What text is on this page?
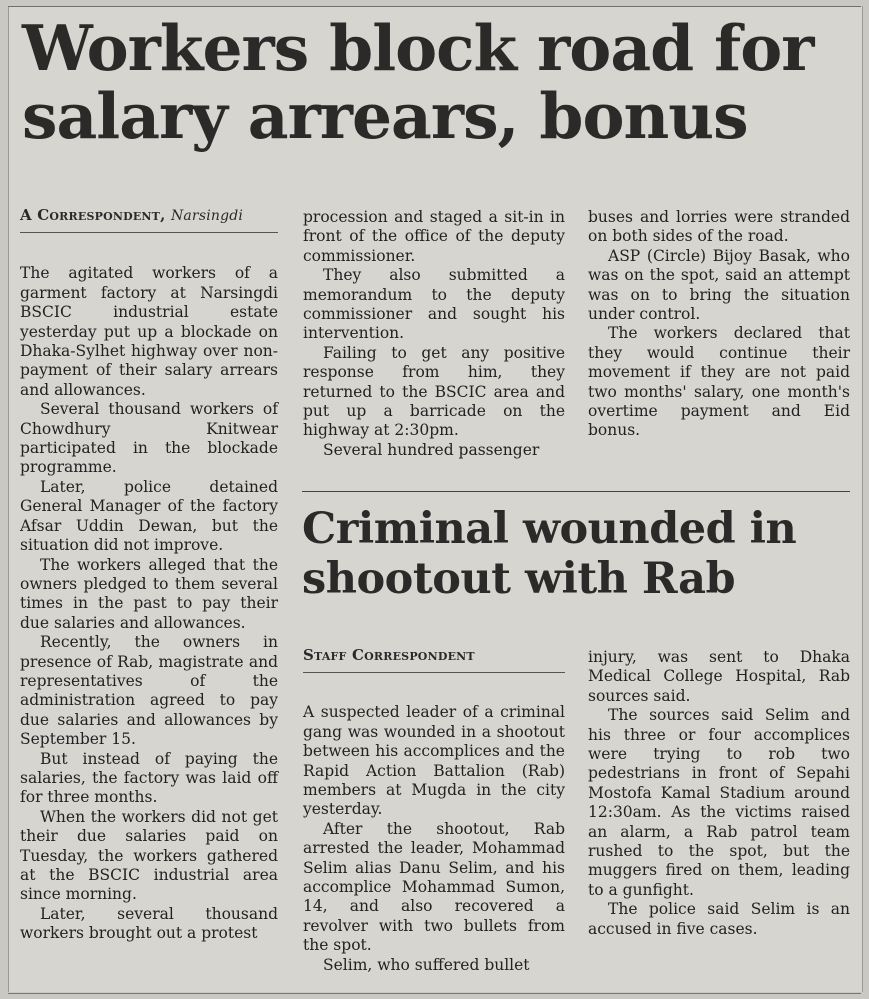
Workers block road for salary arrears, bonus
A Correspondent, Narsingdi

The agitated workers of a garment factory at Narsingdi BSCIC industrial estate yesterday put up a blockade on Dhaka-Sylhet highway over non-payment of their salary arrears and allowances.

Several thousand workers of Chowdhury Knitwear participated in the blockade programme.

Later, police detained General Manager of the factory Afsar Uddin Dewan, but the situation did not improve.

The workers alleged that the owners pledged to them several times in the past to pay their due salaries and allowances.

Recently, the owners in presence of Rab, magistrate and representatives of the administration agreed to pay due salaries and allowances by September 15.

But instead of paying the salaries, the factory was laid off for three months.

When the workers did not get their due salaries paid on Tuesday, the workers gathered at the BSCIC industrial area since morning.

Later, several thousand workers brought out a protest

procession and staged a sit-in in front of the office of the deputy commissioner.

They also submitted a memorandum to the deputy commissioner and sought his intervention.

Failing to get any positive response from him, they returned to the BSCIC area and put up a barricade on the highway at 2:30pm.

Several hundred passenger

buses and lorries were stranded on both sides of the road.

ASP (Circle) Bijoy Basak, who was on the spot, said an attempt was on to bring the situation under control.

The workers declared that they would continue their movement if they are not paid two months' salary, one month's overtime payment and Eid bonus.

Criminal wounded in shootout with Rab
Staff Correspondent

A suspected leader of a criminal gang was wounded in a shootout between his accomplices and the Rapid Action Battalion (Rab) members at Mugda in the city yesterday.

After the shootout, Rab arrested the leader, Mohammad Selim alias Danu Selim, and his accomplice Mohammad Sumon, 14, and also recovered a revolver with two bullets from the spot.

Selim, who suffered bullet

injury, was sent to Dhaka Medical College Hospital, Rab sources said.

The sources said Selim and his three or four accomplices were trying to rob two pedestrians in front of Sepahi Mostofa Kamal Stadium around 12:30am. As the victims raised an alarm, a Rab patrol team rushed to the spot, but the muggers fired on them, leading to a gunfight.

The police said Selim is an accused in five cases.
